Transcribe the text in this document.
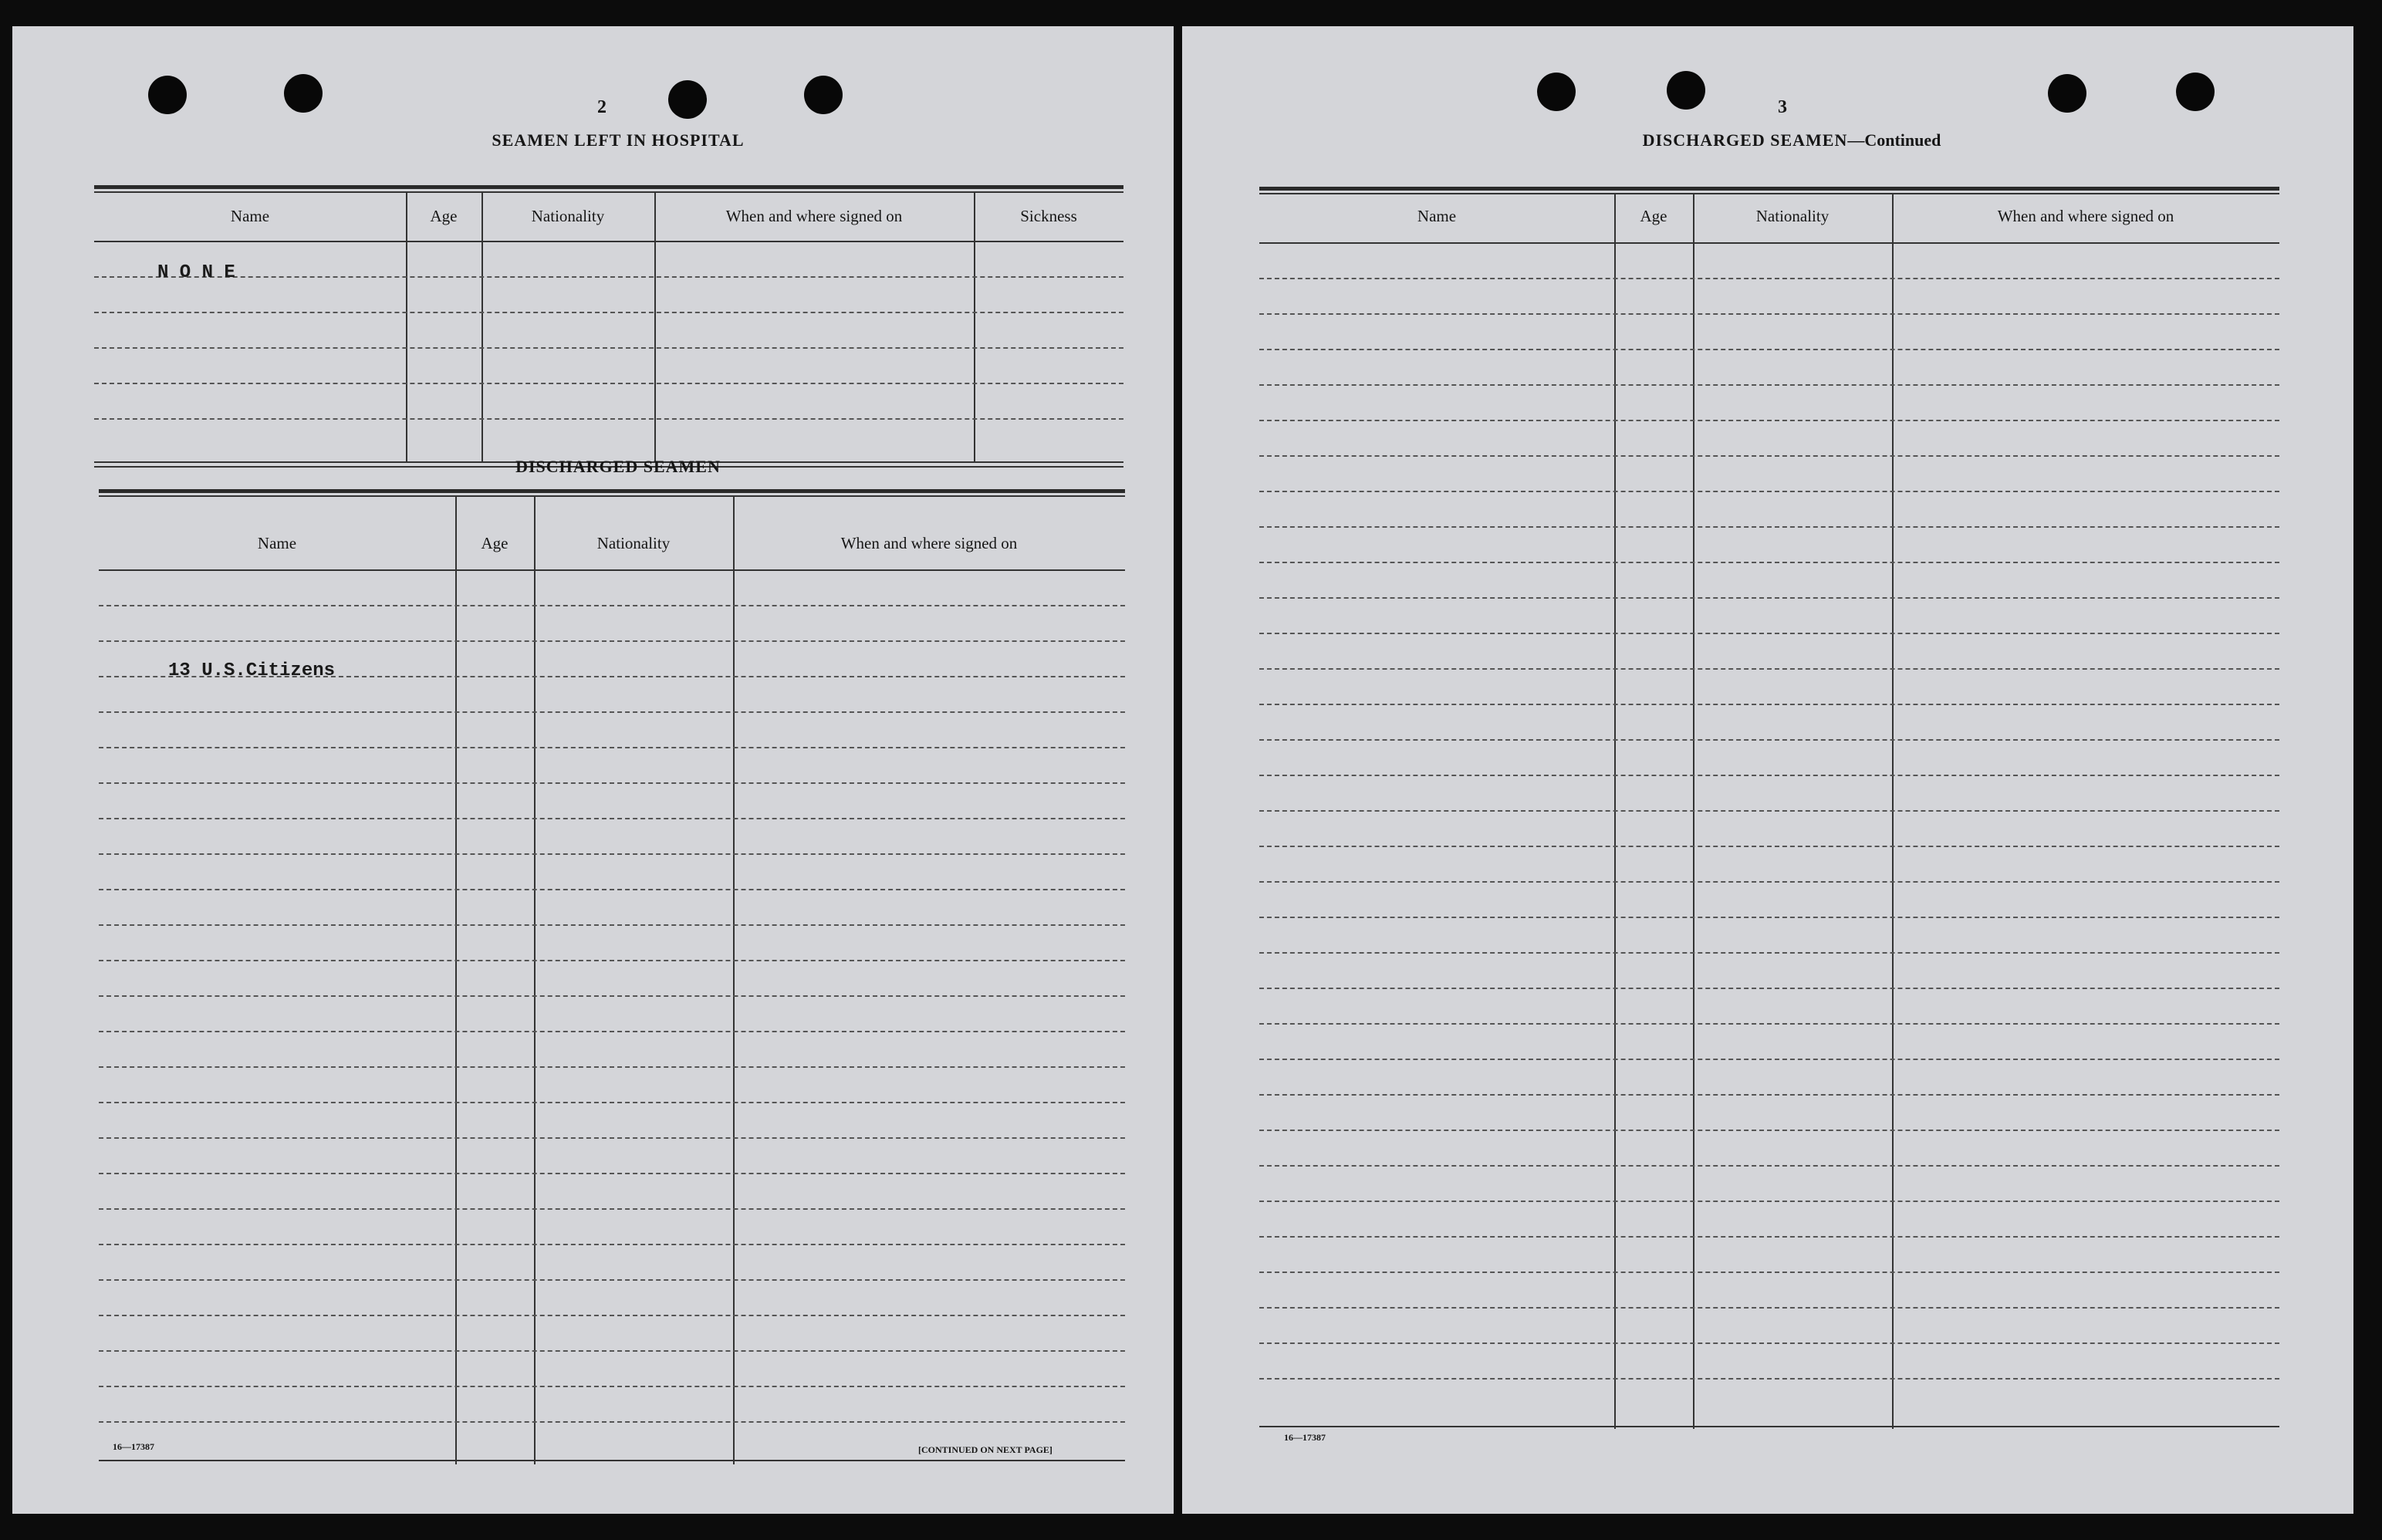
2
SEAMEN LEFT IN HOSPITAL
Name	Age	Nationality	When and where signed on	Sickness
N O N E
DISCHARGED SEAMEN
Name	Age	Nationality	When and where signed on
13 U.S.Citizens
16—17387	[CONTINUED ON NEXT PAGE]
3
DISCHARGED SEAMEN—Continued
Name	Age	Nationality	When and where signed on
16—17387
